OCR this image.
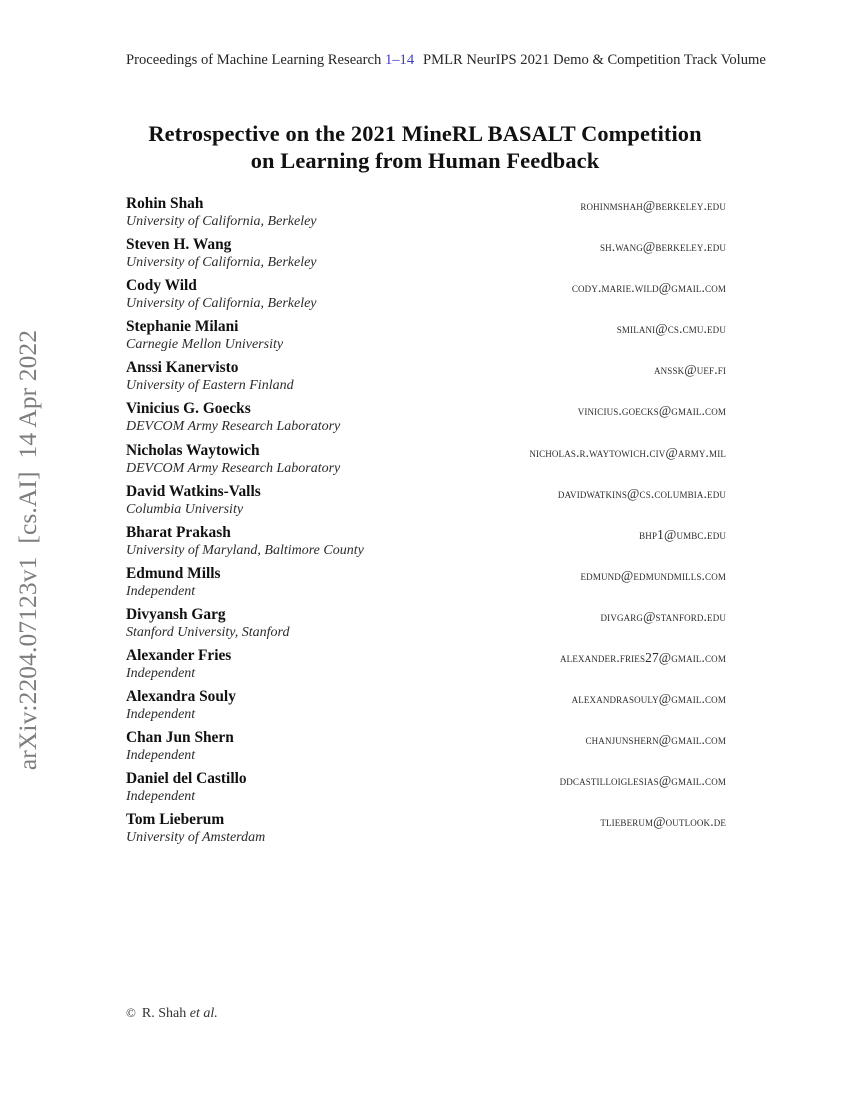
arXiv:2204.07123v1  [cs.AI]  14 Apr 2022
Proceedings of Machine Learning Research 1–14 PMLR NeurIPS 2021 Demo & Competition Track Volume
Retrospective on the 2021 MineRL BASALT Competition
on Learning from Human Feedback
Rohin Shah	rohinmshah@berkeley.edu
University of California, Berkeley
Steven H. Wang	sh.wang@berkeley.edu
University of California, Berkeley
Cody Wild	cody.marie.wild@gmail.com
University of California, Berkeley
Stephanie Milani	smilani@cs.cmu.edu
Carnegie Mellon University
Anssi Kanervisto	anssk@uef.fi
University of Eastern Finland
Vinicius G. Goecks	vinicius.goecks@gmail.com
DEVCOM Army Research Laboratory
Nicholas Waytowich	nicholas.r.waytowich.civ@army.mil
DEVCOM Army Research Laboratory
David Watkins-Valls	davidwatkins@cs.columbia.edu
Columbia University
Bharat Prakash	bhp1@umbc.edu
University of Maryland, Baltimore County
Edmund Mills	edmund@edmundmills.com
Independent
Divyansh Garg	divgarg@stanford.edu
Stanford University, Stanford
Alexander Fries	alexander.fries27@gmail.com
Independent
Alexandra Souly	alexandrasouly@gmail.com
Independent
Chan Jun Shern	chanjunshern@gmail.com
Independent
Daniel del Castillo	ddcastilloiglesias@gmail.com
Independent
Tom Lieberum	tlieberum@outlook.de
University of Amsterdam
© R. Shah et al.
